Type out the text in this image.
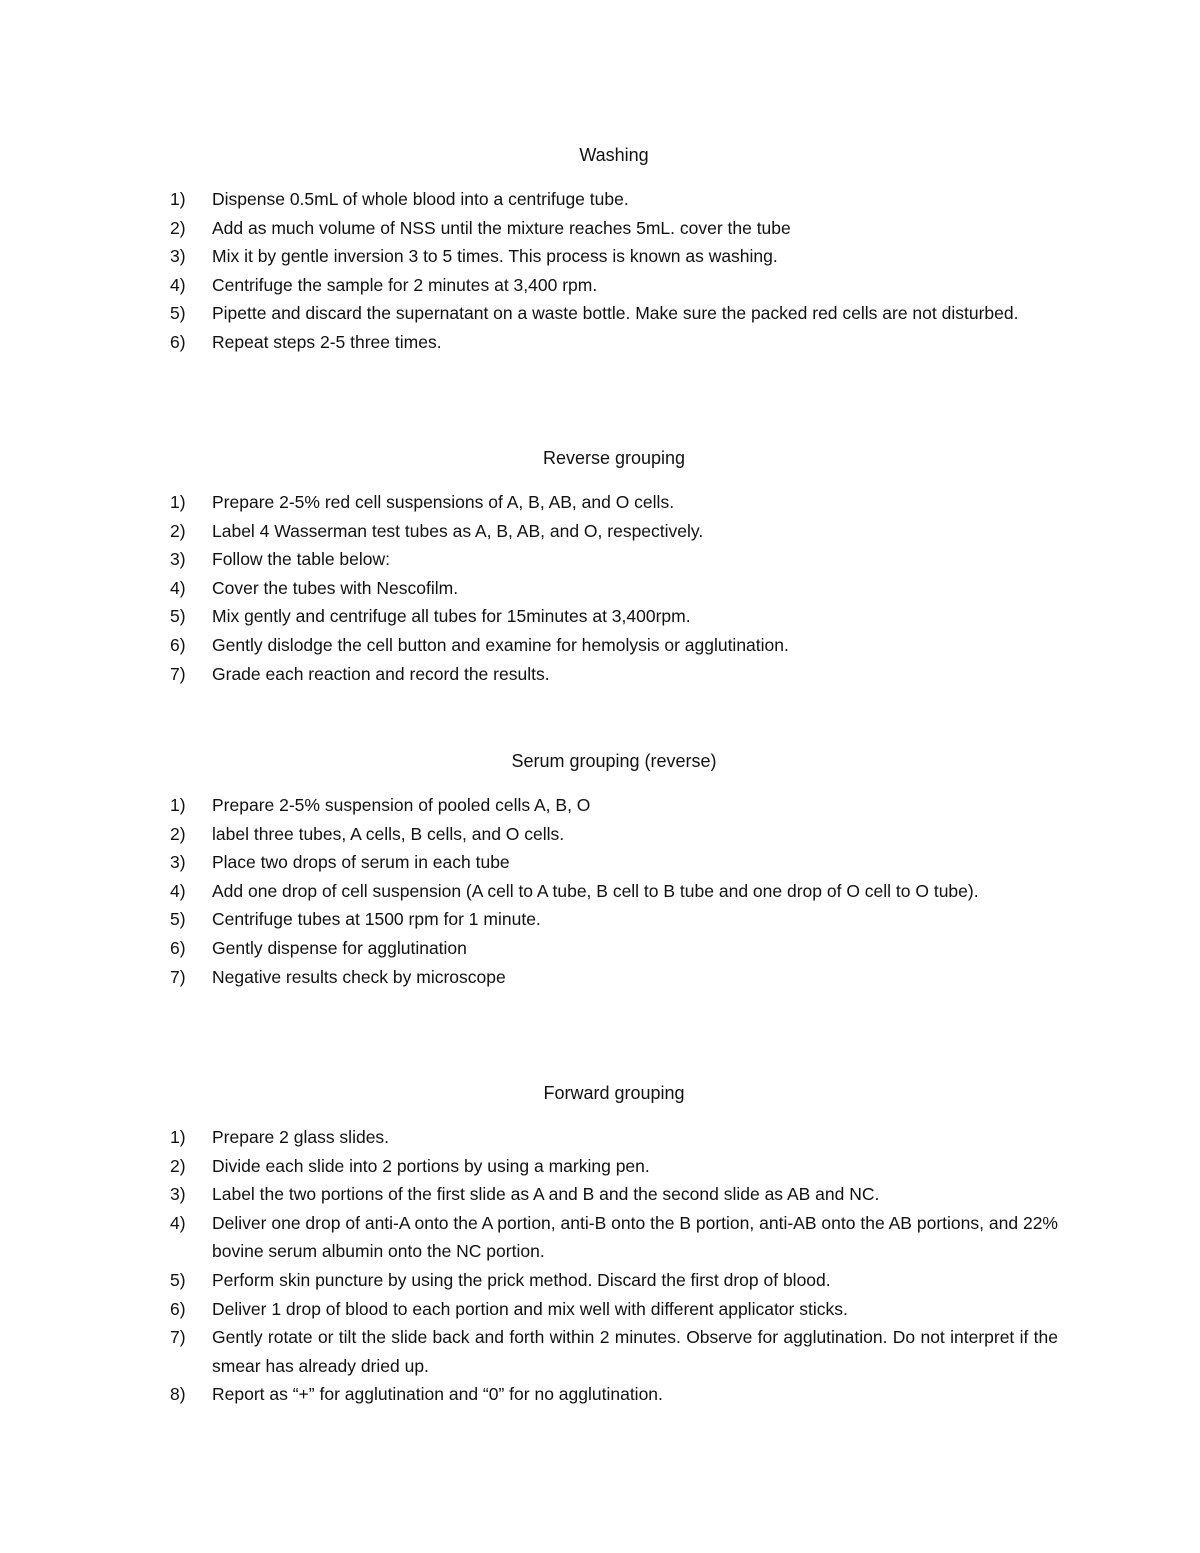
Washing
1)	Dispense 0.5mL of whole blood into a centrifuge tube.
2)	Add as much volume of NSS until the mixture reaches 5mL. cover the tube
3)	Mix it by gentle inversion 3 to 5 times. This process is known as washing.
4)	Centrifuge the sample for 2 minutes at 3,400 rpm.
5)	Pipette and discard the supernatant on a waste bottle. Make sure the packed red cells are not disturbed.
6)	Repeat steps 2-5 three times.
Reverse grouping
1)	Prepare 2-5% red cell suspensions of A, B, AB, and O cells.
2)	Label 4 Wasserman test tubes as A, B, AB, and O, respectively.
3)	Follow the table below:
4)	Cover the tubes with Nescofilm.
5)	Mix gently and centrifuge all tubes for 15minutes at 3,400rpm.
6)	Gently dislodge the cell button and examine for hemolysis or agglutination.
7)	Grade each reaction and record the results.
Serum grouping (reverse)
1)	Prepare 2-5% suspension of pooled cells A, B, O
2)	label three tubes, A cells, B cells, and O cells.
3)	Place two drops of serum in each tube
4)	Add one drop of cell suspension (A cell to A tube, B cell to B tube and one drop of O cell to O tube).
5)	Centrifuge tubes at 1500 rpm for 1 minute.
6)	Gently dispense for agglutination
7)	Negative results check by microscope
Forward grouping
1)	Prepare 2 glass slides.
2)	Divide each slide into 2 portions by using a marking pen.
3)	Label the two portions of the first slide as A and B and the second slide as AB and NC.
4)	Deliver one drop of anti-A onto the A portion, anti-B onto the B portion, anti-AB onto the AB portions, and 22% bovine serum albumin onto the NC portion.
5)	Perform skin puncture by using the prick method. Discard the first drop of blood.
6)	Deliver 1 drop of blood to each portion and mix well with different applicator sticks.
7)	Gently rotate or tilt the slide back and forth within 2 minutes. Observe for agglutination. Do not interpret if the smear has already dried up.
8)	Report as “+” for agglutination and “0” for no agglutination.
